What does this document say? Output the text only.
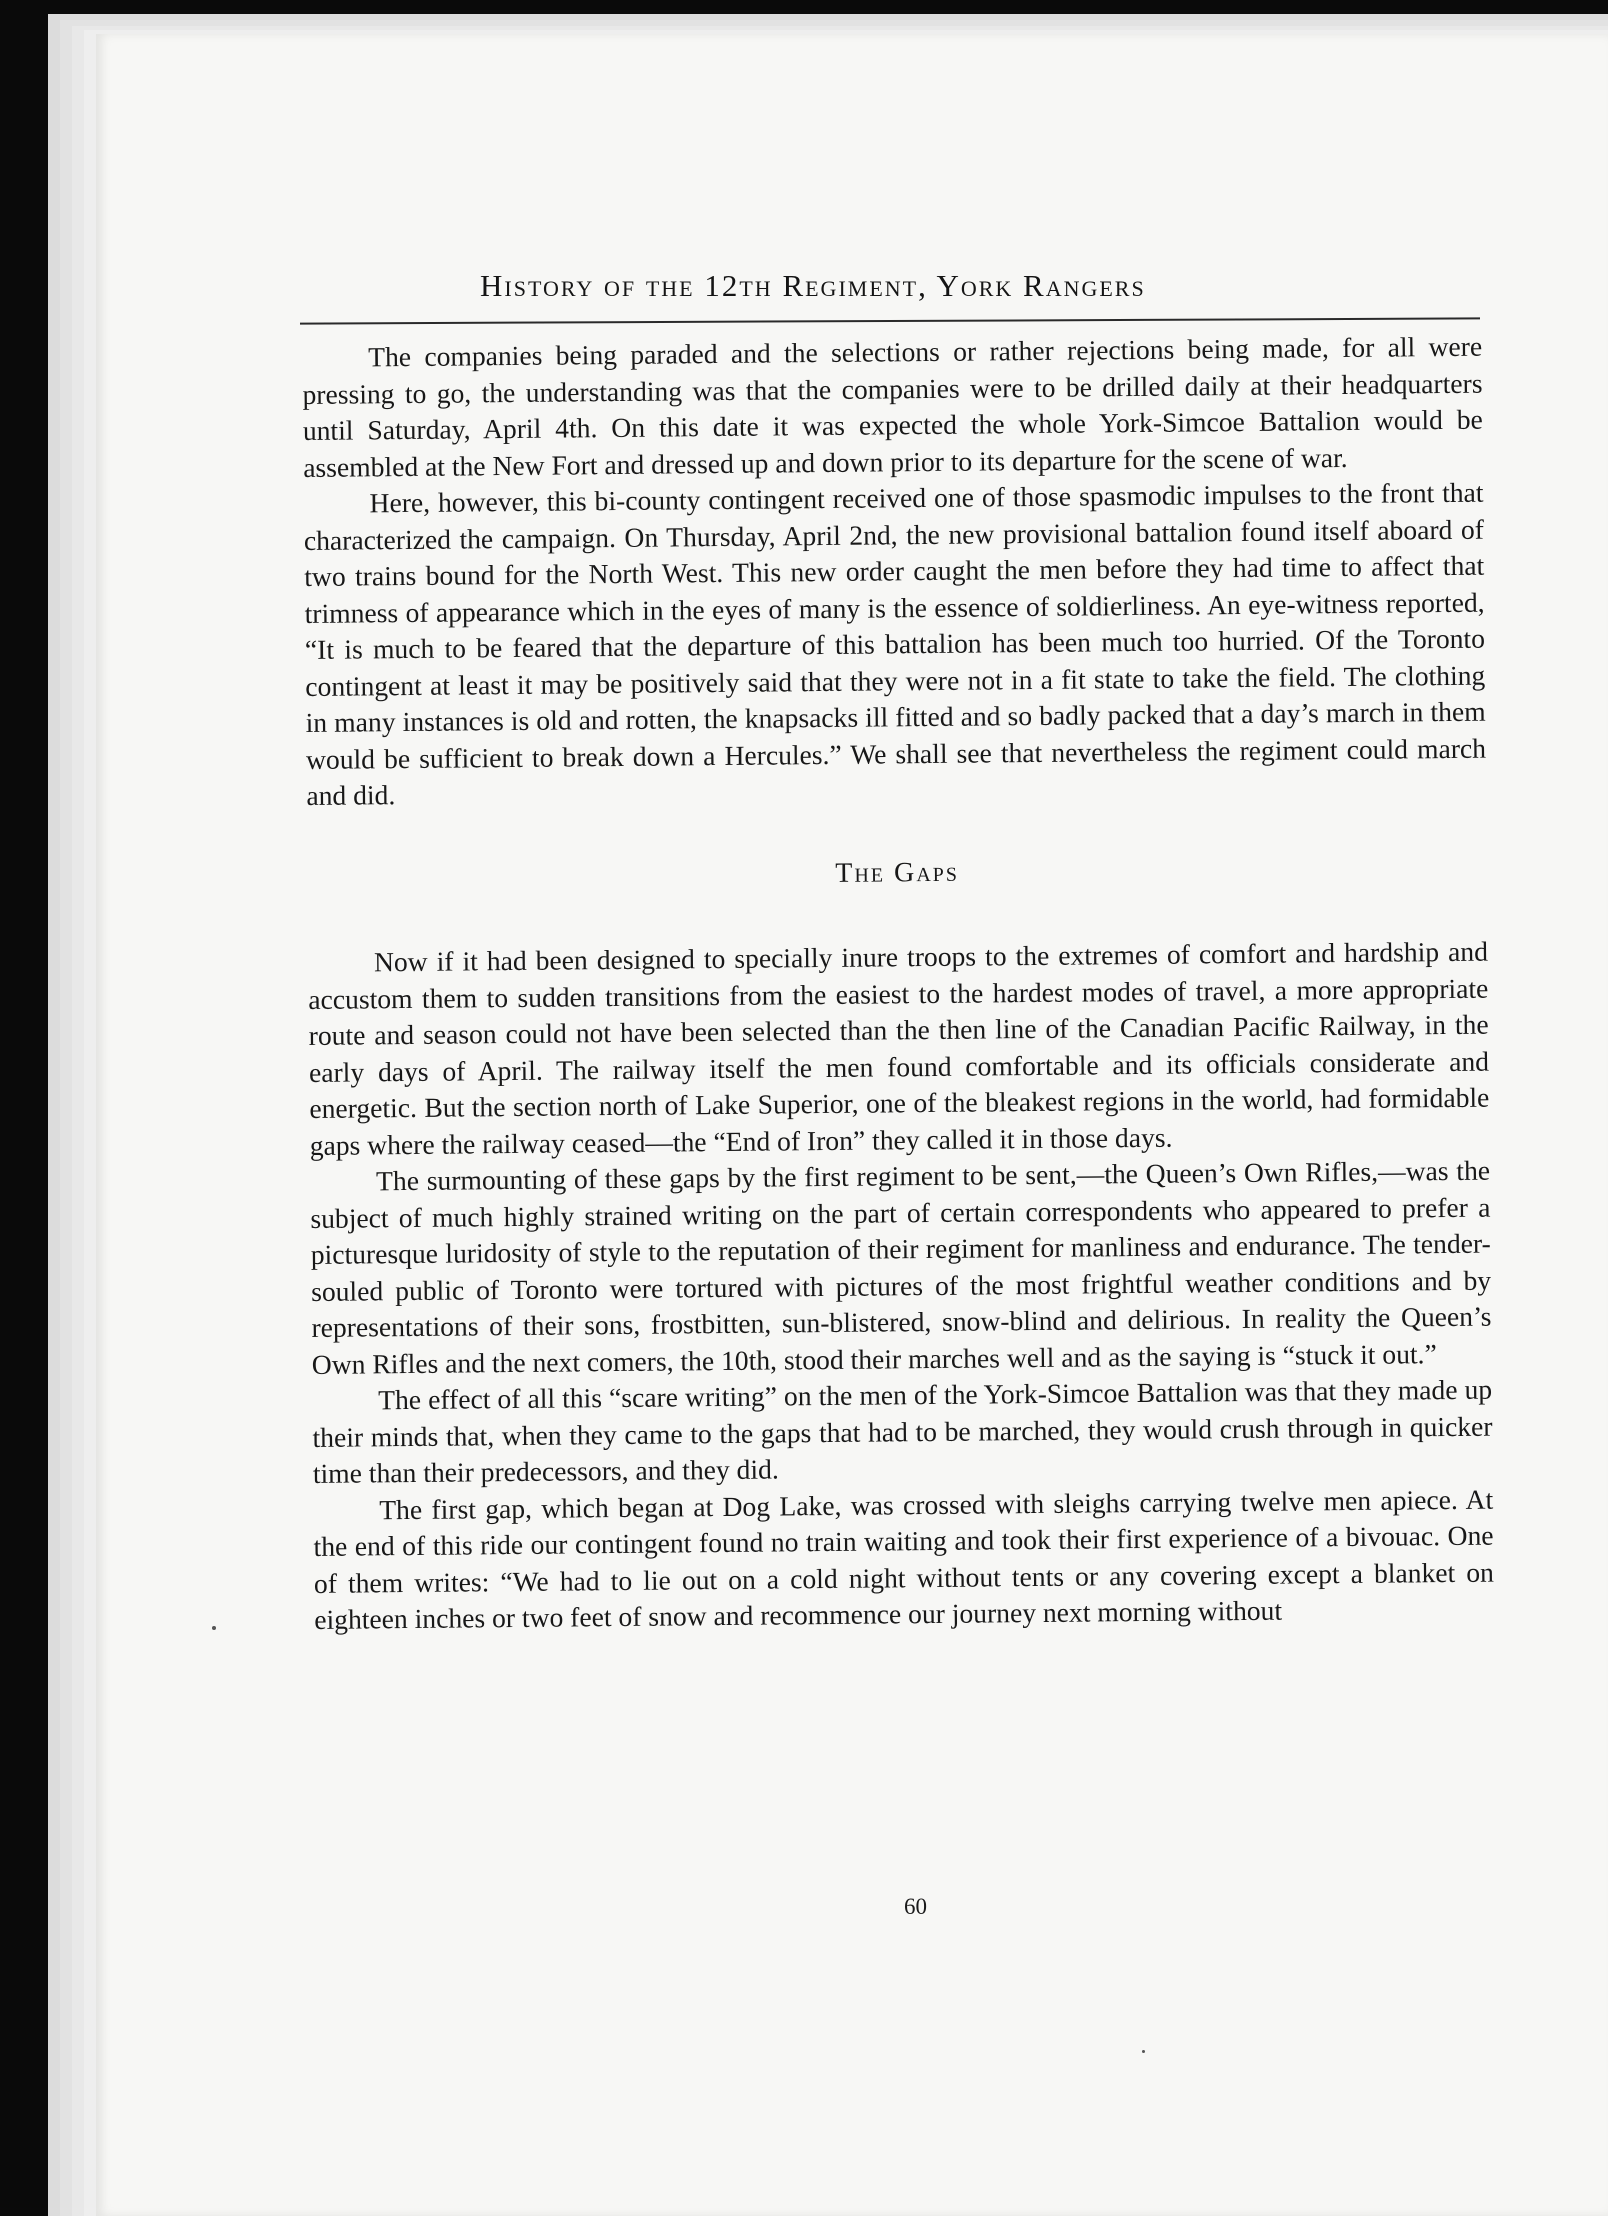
History of the 12th Regiment, York Rangers

The companies being paraded and the selections or rather rejections being made, for all were pressing to go, the understanding was that the companies were to be drilled daily at their headquarters until Saturday, April 4th. On this date it was expected the whole York-Simcoe Battalion would be assembled at the New Fort and dressed up and down prior to its departure for the scene of war.

Here, however, this bi-county contingent received one of those spasmodic impulses to the front that characterized the campaign. On Thursday, April 2nd, the new provisional battalion found itself aboard of two trains bound for the North West. This new order caught the men before they had time to affect that trimness of appearance which in the eyes of many is the essence of soldierliness. An eye-witness reported, “It is much to be feared that the departure of this battalion has been much too hurried. Of the Toronto contingent at least it may be positively said that they were not in a fit state to take the field. The clothing in many instances is old and rotten, the knapsacks ill fitted and so badly packed that a day’s march in them would be sufficient to break down a Hercules.” We shall see that nevertheless the regiment could march and did.

The Gaps

Now if it had been designed to specially inure troops to the extremes of comfort and hardship and accustom them to sudden transitions from the easiest to the hardest modes of travel, a more appropriate route and season could not have been selected than the then line of the Canadian Pacific Railway, in the early days of April. The railway itself the men found comfortable and its officials considerate and energetic. But the section north of Lake Superior, one of the bleakest regions in the world, had formidable gaps where the railway ceased—the “End of Iron” they called it in those days.

The surmounting of these gaps by the first regiment to be sent,—the Queen’s Own Rifles,—was the subject of much highly strained writing on the part of certain correspondents who appeared to prefer a picturesque luridosity of style to the reputation of their regiment for manliness and endurance. The tender-souled public of Toronto were tortured with pictures of the most frightful weather conditions and by representations of their sons, frostbitten, sun-blistered, snow-blind and delirious. In reality the Queen’s Own Rifles and the next comers, the 10th, stood their marches well and as the saying is “stuck it out.”

The effect of all this “scare writing” on the men of the York-Simcoe Battalion was that they made up their minds that, when they came to the gaps that had to be marched, they would crush through in quicker time than their predecessors, and they did.

The first gap, which began at Dog Lake, was crossed with sleighs carrying twelve men apiece. At the end of this ride our contingent found no train waiting and took their first experience of a bivouac. One of them writes: “We had to lie out on a cold night without tents or any covering except a blanket on eighteen inches or two feet of snow and recommence our journey next morning without

60
